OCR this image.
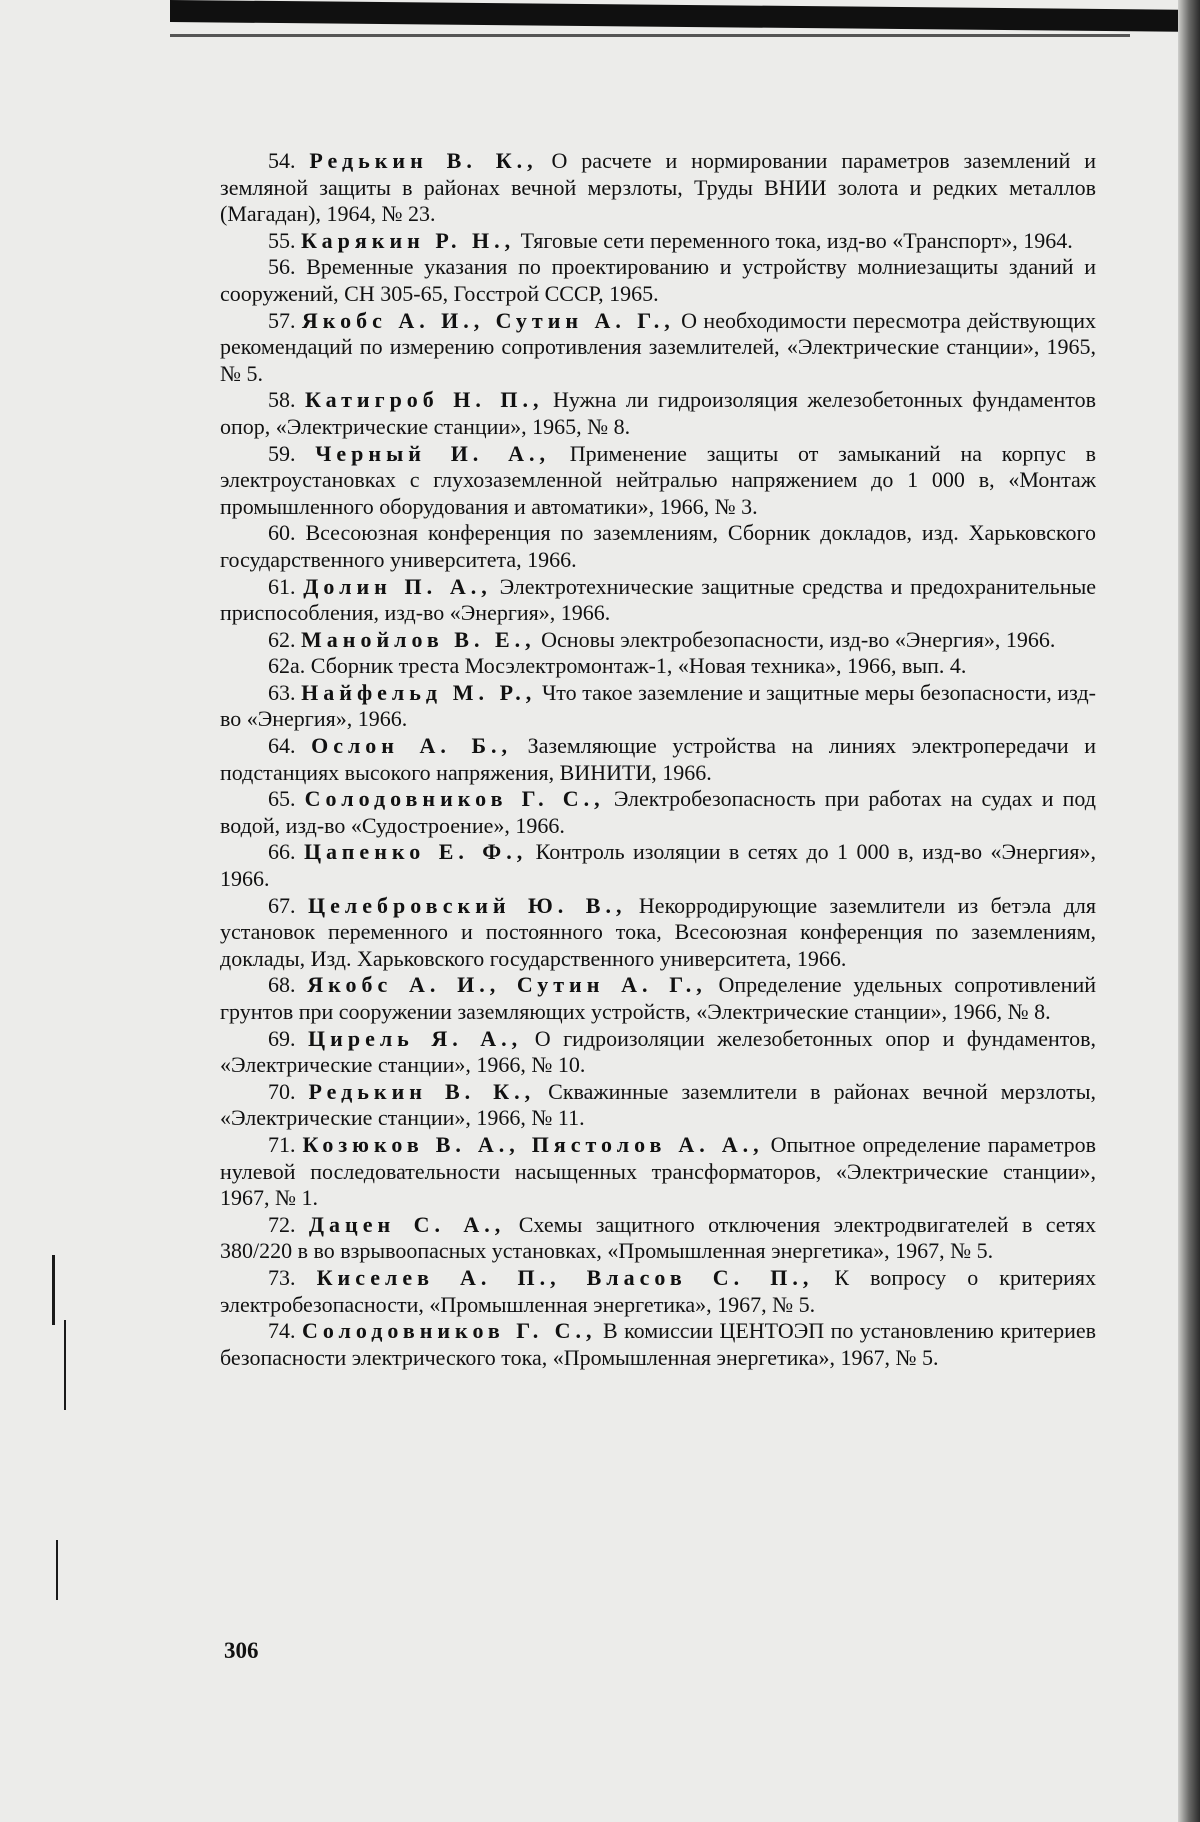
54. Редькин В. К., О расчете и нормировании параметров заземлений и земляной защиты в районах вечной мерзлоты, Труды ВНИИ золота и редких металлов (Магадан), 1964, № 23.

55. Карякин Р. Н., Тяговые сети переменного тока, изд-во «Транспорт», 1964.

56. Временные указания по проектированию и устройству молниезащиты зданий и сооружений, СН 305-65, Госстрой СССР, 1965.

57. Якобс А. И., Сутин А. Г., О необходимости пересмотра действующих рекомендаций по измерению сопротивления заземлителей, «Электрические станции», 1965, № 5.

58. Катигроб Н. П., Нужна ли гидроизоляция железобетонных фундаментов опор, «Электрические станции», 1965, № 8.

59. Черный И. А., Применение защиты от замыканий на корпус в электроустановках с глухозаземленной нейтралью напряжением до 1 000 в, «Монтаж промышленного оборудования и автоматики», 1966, № 3.

60. Всесоюзная конференция по заземлениям, Сборник докладов, изд. Харьковского государственного университета, 1966.

61. Долин П. А., Электротехнические защитные средства и предохранительные приспособления, изд-во «Энергия», 1966.

62. Манойлов В. Е., Основы электробезопасности, изд-во «Энергия», 1966.

62а. Сборник треста Мосэлектромонтаж-1, «Новая техника», 1966, вып. 4.

63. Найфельд М. Р., Что такое заземление и защитные меры безопасности, изд-во «Энергия», 1966.

64. Ослон А. Б., Заземляющие устройства на линиях электропередачи и подстанциях высокого напряжения, ВИНИТИ, 1966.

65. Солодовников Г. С., Электробезопасность при работах на судах и под водой, изд-во «Судостроение», 1966.

66. Цапенко Е. Ф., Контроль изоляции в сетях до 1 000 в, изд-во «Энергия», 1966.

67. Целебровский Ю. В., Некорродирующие заземлители из бетэла для установок переменного и постоянного тока, Всесоюзная конференция по заземлениям, доклады, Изд. Харьковского государственного университета, 1966.

68. Якобс А. И., Сутин А. Г., Определение удельных сопротивлений грунтов при сооружении заземляющих устройств, «Электрические станции», 1966, № 8.

69. Цирель Я. А., О гидроизоляции железобетонных опор и фундаментов, «Электрические станции», 1966, № 10.

70. Редькин В. К., Скважинные заземлители в районах вечной мерзлоты, «Электрические станции», 1966, № 11.

71. Козюков В. А., Пястолов А. А., Опытное определение параметров нулевой последовательности насыщенных трансформаторов, «Электрические станции», 1967, № 1.

72. Дацен С. А., Схемы защитного отключения электродвигателей в сетях 380/220 в во взрывоопасных установках, «Промышленная энергетика», 1967, № 5.

73. Киселев А. П., Власов С. П., К вопросу о критериях электробезопасности, «Промышленная энергетика», 1967, № 5.

74. Солодовников Г. С., В комиссии ЦЕНТОЭП по установлению критериев безопасности электрического тока, «Промышленная энергетика», 1967, № 5.

306
